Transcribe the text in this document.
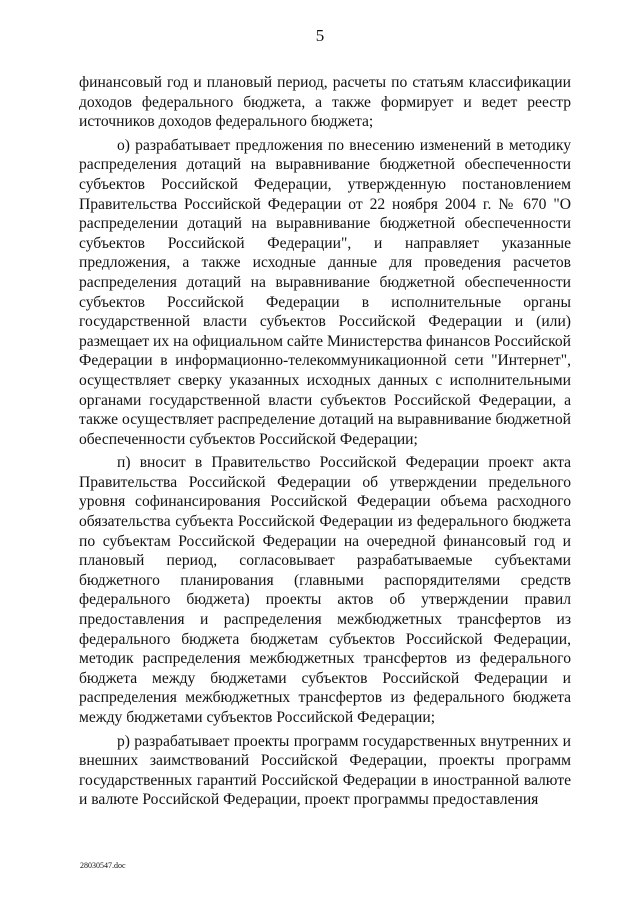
5

финансовый год и плановый период, расчеты по статьям классификации доходов федерального бюджета, а также формирует и ведет реестр источников доходов федерального бюджета;

о) разрабатывает предложения по внесению изменений в методику распределения дотаций на выравнивание бюджетной обеспеченности субъектов Российской Федерации, утвержденную постановлением Правительства Российской Федерации от 22 ноября 2004 г. № 670 "О распределении дотаций на выравнивание бюджетной обеспеченности субъектов Российской Федерации", и направляет указанные предложения, а также исходные данные для проведения расчетов распределения дотаций на выравнивание бюджетной обеспеченности субъектов Российской Федерации в исполнительные органы государственной власти субъектов Российской Федерации и (или) размещает их на официальном сайте Министерства финансов Российской Федерации в информационно-телекоммуникационной сети "Интернет", осуществляет сверку указанных исходных данных с исполнительными органами государственной власти субъектов Российской Федерации, а также осуществляет распределение дотаций на выравнивание бюджетной обеспеченности субъектов Российской Федерации;

п) вносит в Правительство Российской Федерации проект акта Правительства Российской Федерации об утверждении предельного уровня софинансирования Российской Федерации объема расходного обязательства субъекта Российской Федерации из федерального бюджета по субъектам Российской Федерации на очередной финансовый год и плановый период, согласовывает разрабатываемые субъектами бюджетного планирования (главными распорядителями средств федерального бюджета) проекты актов об утверждении правил предоставления и распределения межбюджетных трансфертов из федерального бюджета бюджетам субъектов Российской Федерации, методик распределения межбюджетных трансфертов из федерального бюджета между бюджетами субъектов Российской Федерации и распределения межбюджетных трансфертов из федерального бюджета между бюджетами субъектов Российской Федерации;

р) разрабатывает проекты программ государственных внутренних и внешних заимствований Российской Федерации, проекты программ государственных гарантий Российской Федерации в иностранной валюте и валюте Российской Федерации, проект программы предоставления

28030547.doc
